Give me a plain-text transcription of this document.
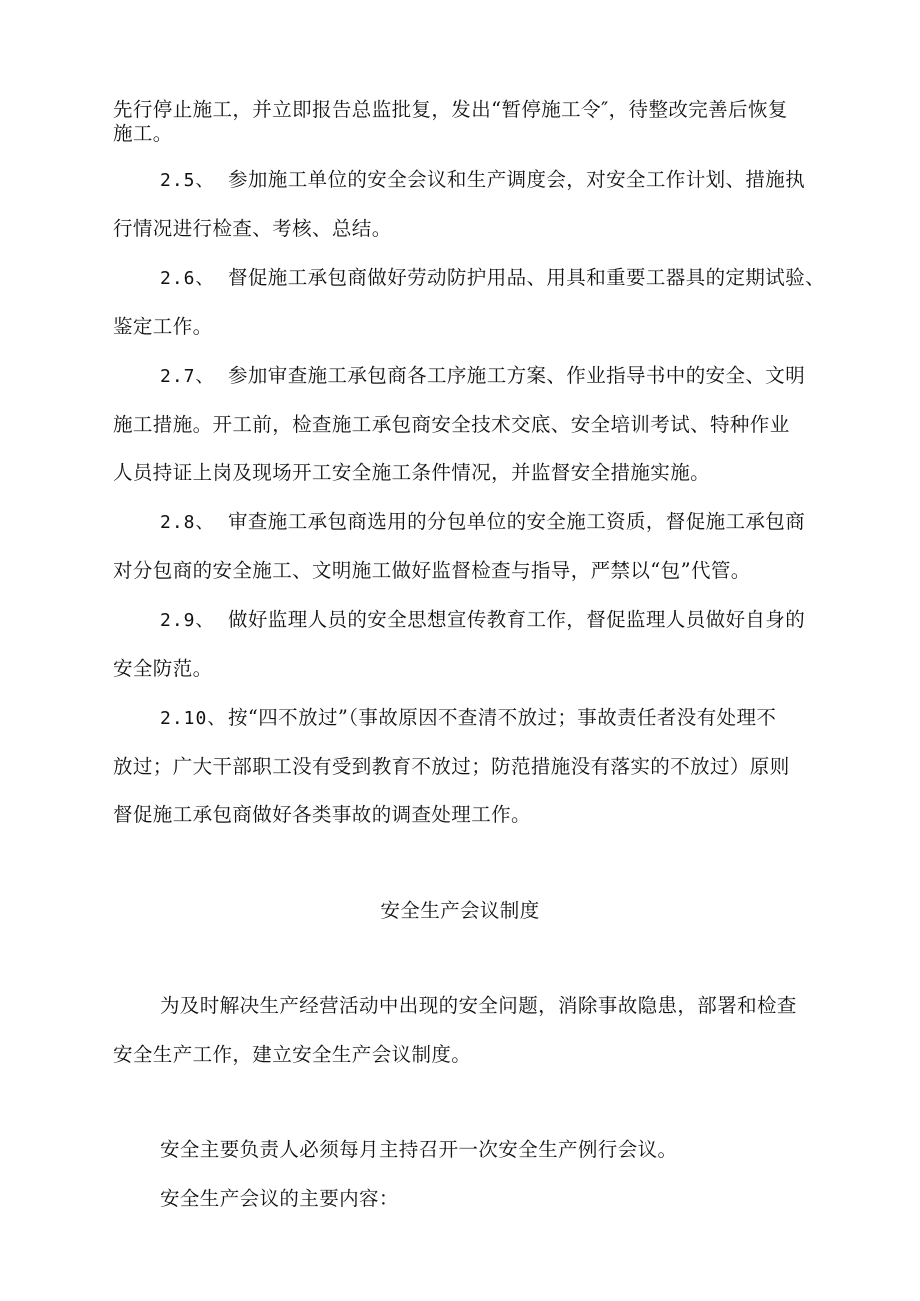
先行停止施工，并立即报告总监批复，发出“暂停施工令″，待整改完善后恢复
施工。
2.5、 参加施工单位的安全会议和生产调度会，对安全工作计划、措施执
行情况进行检查、考核、总结。
2.6、 督促施工承包商做好劳动防护用品、用具和重要工器具的定期试验、
鉴定工作。
2.7、 参加审查施工承包商各工序施工方案、作业指导书中的安全、文明
施工措施。开工前，检查施工承包商安全技术交底、安全培训考试、特种作业
人员持证上岗及现场开工安全施工条件情况，并监督安全措施实施。
2.8、 审查施工承包商选用的分包单位的安全施工资质，督促施工承包商
对分包商的安全施工、文明施工做好监督检查与指导，严禁以“包”代管。
2.9、 做好监理人员的安全思想宣传教育工作，督促监理人员做好自身的
安全防范。
2.10、按“四不放过”（事故原因不查清不放过；事故责任者没有处理不
放过；广大干部职工没有受到教育不放过；防范措施没有落实的不放过）原则
督促施工承包商做好各类事故的调查处理工作。
安全生产会议制度
为及时解决生产经营活动中出现的安全问题，消除事故隐患，部署和检查
安全生产工作，建立安全生产会议制度。
安全主要负责人必须每月主持召开一次安全生产例行会议。
安全生产会议的主要内容：
